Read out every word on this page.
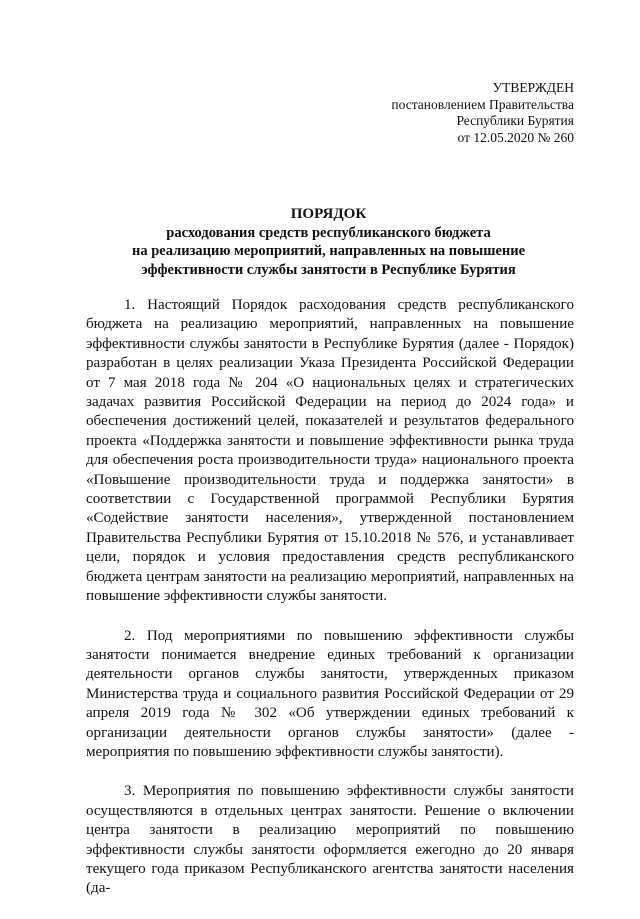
УТВЕРЖДЕН
постановлением Правительства
Республики Бурятия
от 12.05.2020 № 260
ПОРЯДОК
расходования средств республиканского бюджета
на реализацию мероприятий, направленных на повышение
эффективности службы занятости в Республике Бурятия

1. Настоящий Порядок расходования средств республиканского бюджета на реализацию мероприятий, направленных на повышение эффективности службы занятости в Республике Бурятия (далее - Порядок) разработан в целях реализации Указа Президента Российской Федерации от 7 мая 2018 года № 204 «О национальных целях и стратегических задачах развития Российской Федерации на период до 2024 года» и обеспечения достижений целей, показателей и результатов федерального проекта «Поддержка занятости и повышение эффективности рынка труда для обеспечения роста производительности труда» национального проекта «Повышение производительности труда и поддержка занятости» в соответствии с Государственной программой Республики Бурятия «Содействие занятости населения», утвержденной постановлением Правительства Республики Бурятия от 15.10.2018 № 576, и устанавливает цели, порядок и условия предоставления средств республиканского бюджета центрам занятости на реализацию мероприятий, направленных на повышение эффективности службы занятости.

2. Под мероприятиями по повышению эффективности службы занятости понимается внедрение единых требований к организации деятельности органов службы занятости, утвержденных приказом Министерства труда и социального развития Российской Федерации от 29 апреля 2019 года № 302 «Об утверждении единых требований к организации деятельности органов службы занятости» (далее - мероприятия по повышению эффективности службы занятости).

3. Мероприятия по повышению эффективности службы занятости осуществляются в отдельных центрах занятости. Решение о включении центра занятости в реализацию мероприятий по повышению эффективности службы занятости оформляется ежегодно до 20 января текущего года приказом Республиканского агентства занятости населения (да-
